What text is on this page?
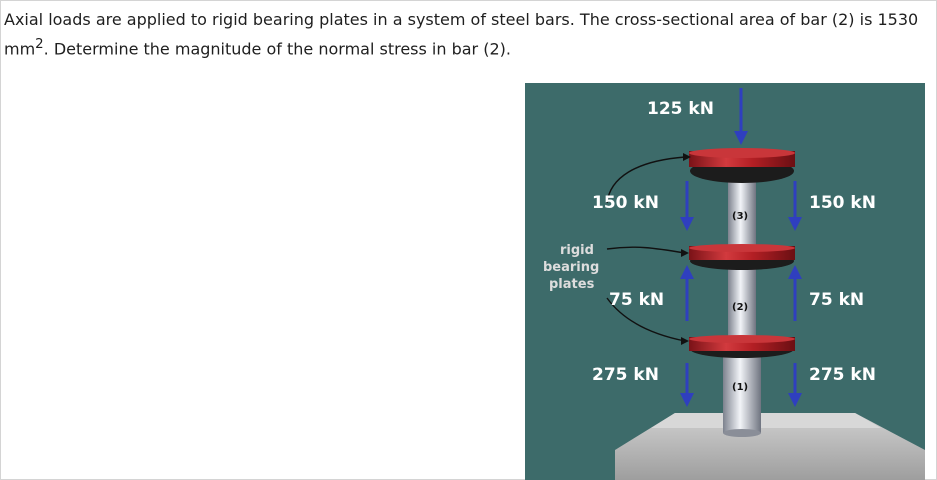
Axial loads are applied to rigid bearing plates in a system of steel bars. The cross-sectional area of bar (2) is 1530 $mm^2$. Determine the magnitude of the normal stress in bar (2).

125 kN
150 kN	150 kN
75 kN	75 kN
275 kN	275 kN
(3)
(2)
(1)
rigid
bearing
plates
